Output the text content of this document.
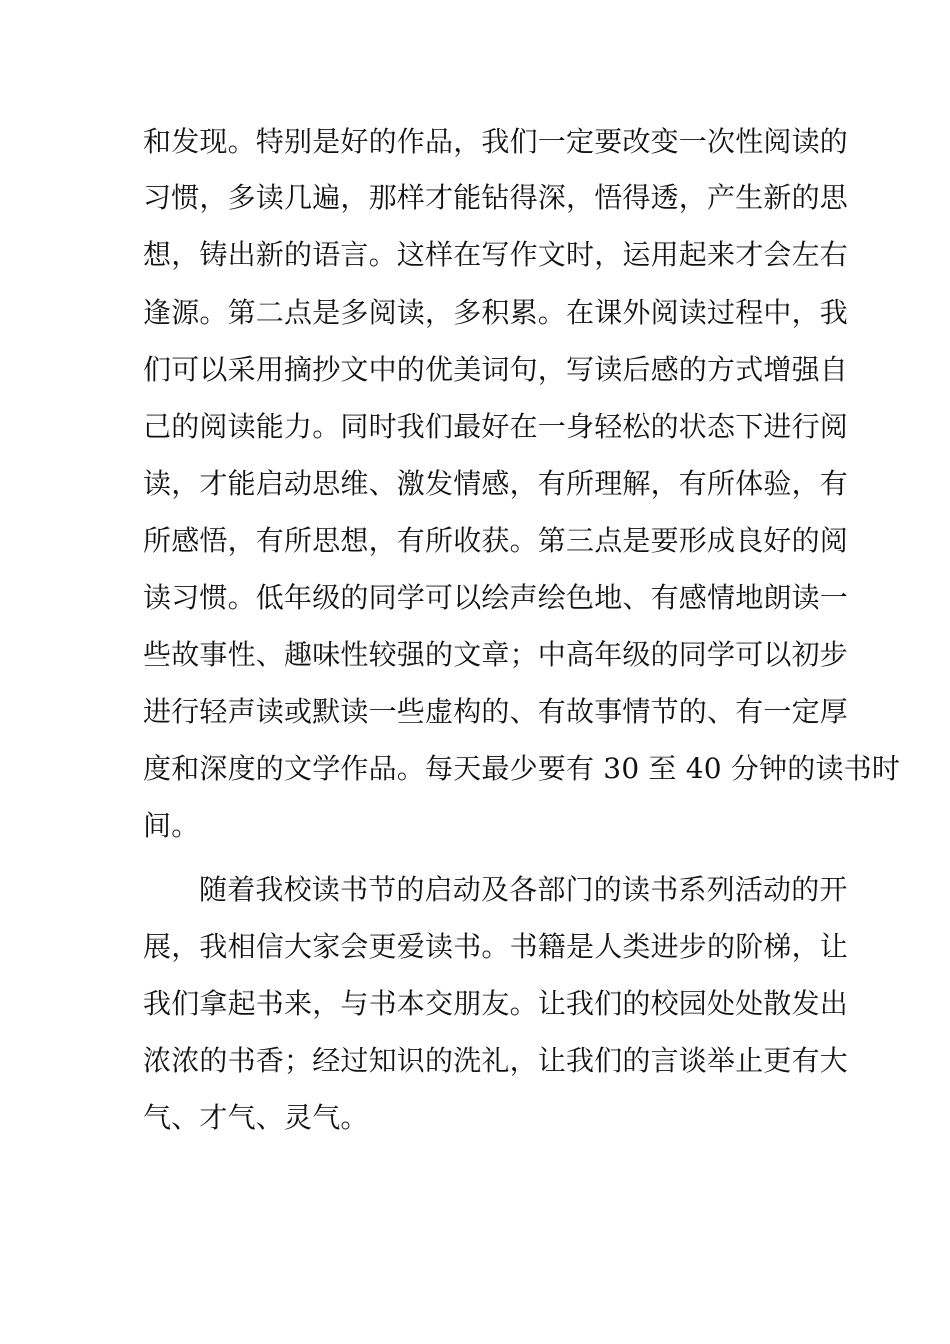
和发现。特别是好的作品，我们一定要改变一次性阅读的
习惯，多读几遍，那样才能钻得深，悟得透，产生新的思
想，铸出新的语言。这样在写作文时，运用起来才会左右
逢源。第二点是多阅读，多积累。在课外阅读过程中，我
们可以采用摘抄文中的优美词句，写读后感的方式增强自
己的阅读能力。同时我们最好在一身轻松的状态下进行阅
读，才能启动思维、激发情感，有所理解，有所体验，有
所感悟，有所思想，有所收获。第三点是要形成良好的阅
读习惯。低年级的同学可以绘声绘色地、有感情地朗读一
些故事性、趣味性较强的文章；中高年级的同学可以初步
进行轻声读或默读一些虚构的、有故事情节的、有一定厚
度和深度的文学作品。每天最少要有 30 至 40 分钟的读书时
间。
随着我校读书节的启动及各部门的读书系列活动的开
展，我相信大家会更爱读书。书籍是人类进步的阶梯，让
我们拿起书来，与书本交朋友。让我们的校园处处散发出
浓浓的书香；经过知识的洗礼，让我们的言谈举止更有大
气、才气、灵气。
